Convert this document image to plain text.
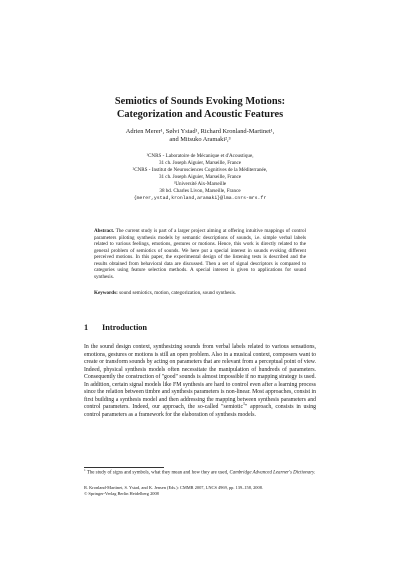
Semiotics of Sounds Evoking Motions:
Categorization and Acoustic Features
Adrien Merer¹, Sølvi Ystad¹, Richard Kronland-Martinet¹,
and Mitsuko Aramaki²,³
¹CNRS - Laboratoire de Mécanique et d'Acoustique,
31 ch. Joseph Aiguier, Marseille, France
²CNRS - Institut de Neurosciences Cognitives de la Méditerranée,
31 ch. Joseph Aiguier, Marseille, France
³Université Aix-Marseille
38 bd. Charles Livon, Marseille, France
{merer,ystad,kronland,aramaki}@lma.cnrs-mrs.fr
Abstract. The current study is part of a larger project aiming at offering intuitive mappings of control parameters piloting synthesis models by semantic descriptions of sounds, i.e. simple verbal labels related to various feelings, emotions, gestures or motions. Hence, this work is directly related to the general problem of semiotics of sounds. We here put a special interest in sounds evoking different perceived motions. In this paper, the experimental design of the listening tests is described and the results obtained from behavioral data are discussed. Then a set of signal descriptors is compared to categories using feature selection methods. A special interest is given to applications for sound synthesis.
Keywords: sound semiotics, motion, categorization, sound synthesis.
1 Introduction
In the sound design context, synthesizing sounds from verbal labels related to various sensations, emotions, gestures or motions is still an open problem. Also in a musical context, composers want to create or transform sounds by acting on parameters that are relevant from a perceptual point of view. Indeed, physical synthesis models often necessitate the manipulation of hundreds of parameters. Consequently the construction of "good" sounds is almost impossible if no mapping strategy is used. In addition, certain signal models like FM synthesis are hard to control even after a learning process since the relation between timbre and synthesis parameters is non-linear. Most approaches, consist in first building a synthesis model and then addressing the mapping between synthesis parameters and control parameters. Indeed, our approach, the so-called "semiotic$^1$" approach, consists in using control parameters as a framework for the elaboration of synthesis models.
$^1$ The study of signs and symbols, what they mean and how they are used, Cambridge Advanced Learner's Dictionary.
R. Kronland-Martinet, S. Ystad, and K. Jensen (Eds.): CMMR 2007, LNCS 4969, pp. 139–158, 2008.
© Springer-Verlag Berlin Heidelberg 2008
